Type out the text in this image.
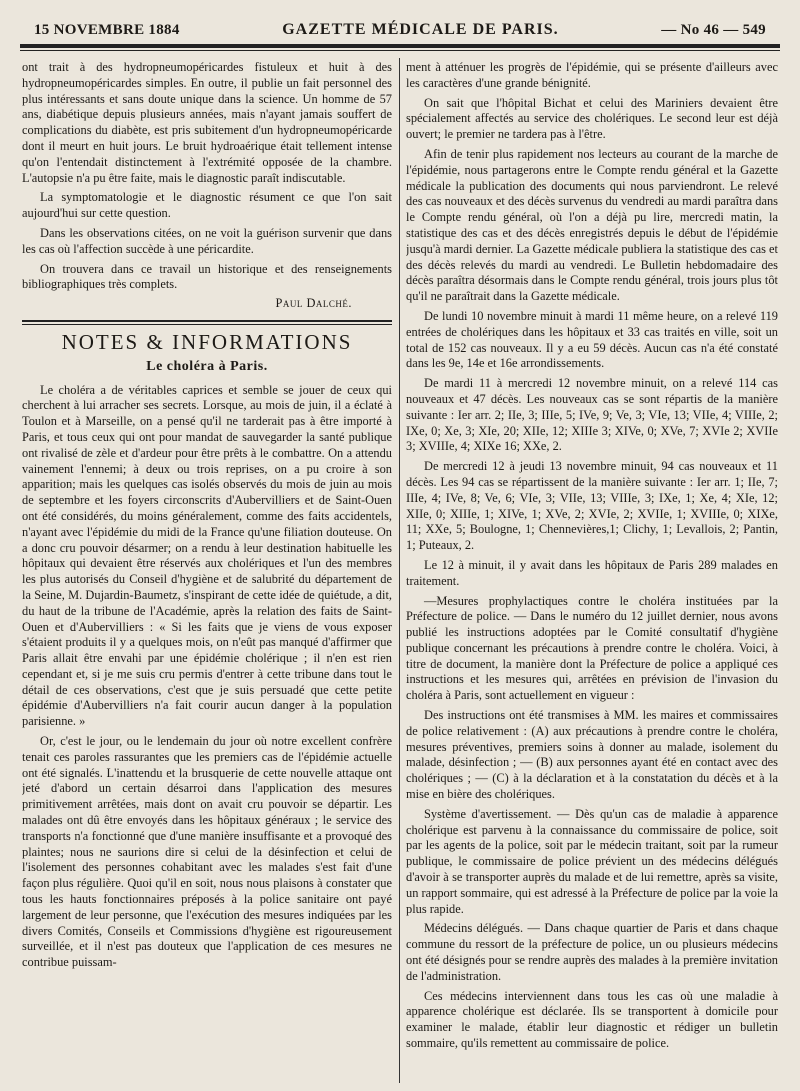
15 NOVEMBRE 1884	GAZETTE MÉDICALE DE PARIS.	— No 46 — 549

ont trait à des hydropneumopéricardes fistuleux et huit à des hydropneumopéricardes simples. En outre, il publie un fait personnel des plus intéressants et sans doute unique dans la science. Un homme de 57 ans, diabétique depuis plusieurs années, mais n'ayant jamais souffert de complications du diabète, est pris subitement d'un hydropneumopéricarde dont il meurt en huit jours. Le bruit hydroaérique était tellement intense qu'on l'entendait distinctement à l'extrémité opposée de la chambre. L'autopsie n'a pu être faite, mais le diagnostic paraît indiscutable.

La symptomatologie et le diagnostic résument ce que l'on sait aujourd'hui sur cette question.

Dans les observations citées, on ne voit la guérison survenir que dans les cas où l'affection succède à une péricardite.

On trouvera dans ce travail un historique et des renseignements bibliographiques très complets.

Paul Dalché.
NOTES & INFORMATIONS
Le choléra à Paris.

Le choléra a de véritables caprices et semble se jouer de ceux qui cherchent à lui arracher ses secrets. Lorsque, au mois de juin, il a éclaté à Toulon et à Marseille, on a pensé qu'il ne tarderait pas à être importé à Paris, et tous ceux qui ont pour mandat de sauvegarder la santé publique ont rivalisé de zèle et d'ardeur pour être prêts à le combattre. On a attendu vainement l'ennemi; à deux ou trois reprises, on a pu croire à son apparition; mais les quelques cas isolés observés du mois de juin au mois de septembre et les foyers circonscrits d'Aubervilliers et de Saint-Ouen ont été considérés, du moins généralement, comme des faits accidentels, n'ayant avec l'épidémie du midi de la France qu'une filiation douteuse. On a donc cru pouvoir désarmer; on a rendu à leur destination habituelle les hôpitaux qui devaient être réservés aux cholériques et l'un des membres les plus autorisés du Conseil d'hygiène et de salubrité du département de la Seine, M. Dujardin-Baumetz, s'inspirant de cette idée de quiétude, a dit, du haut de la tribune de l'Académie, après la relation des faits de Saint-Ouen et d'Aubervilliers : « Si les faits que je viens de vous exposer s'étaient produits il y a quelques mois, on n'eût pas manqué d'affirmer que Paris allait être envahi par une épidémie cholérique ; il n'en est rien cependant et, si je me suis cru permis d'entrer à cette tribune dans tout le détail de ces observations, c'est que je suis persuadé que cette petite épidémie d'Aubervilliers n'a fait courir aucun danger à la population parisienne. »

Or, c'est le jour, ou le lendemain du jour où notre excellent confrère tenait ces paroles rassurantes que les premiers cas de l'épidémie actuelle ont été signalés. L'inattendu et la brusquerie de cette nouvelle attaque ont jeté d'abord un certain désarroi dans l'application des mesures primitivement arrêtées, mais dont on avait cru pouvoir se départir. Les malades ont dû être envoyés dans les hôpitaux généraux ; le service des transports n'a fonctionné que d'une manière insuffisante et a provoqué des plaintes; nous ne saurions dire si celui de la désinfection et celui de l'isolement des personnes cohabitant avec les malades s'est fait d'une façon plus régulière. Quoi qu'il en soit, nous nous plaisons à constater que tous les hauts fonctionnaires préposés à la police sanitaire ont payé largement de leur personne, que l'exécution des mesures indiquées par les divers Comités, Conseils et Commissions d'hygiène est rigoureusement surveillée, et il n'est pas douteux que l'application de ces mesures ne contribue puissam-

ment à atténuer les progrès de l'épidémie, qui se présente d'ailleurs avec les caractères d'une grande bénignité.

On sait que l'hôpital Bichat et celui des Mariniers devaient être spécialement affectés au service des cholériques. Le second leur est déjà ouvert; le premier ne tardera pas à l'être.

Afin de tenir plus rapidement nos lecteurs au courant de la marche de l'épidémie, nous partagerons entre le Compte rendu général et la Gazette médicale la publication des documents qui nous parviendront. Le relevé des cas nouveaux et des décès survenus du vendredi au mardi paraîtra dans le Compte rendu général, où l'on a déjà pu lire, mercredi matin, la statistique des cas et des décès enregistrés depuis le début de l'épidémie jusqu'à mardi dernier. La Gazette médicale publiera la statistique des cas et des décès relevés du mardi au vendredi. Le Bulletin hebdomadaire des décès paraîtra désormais dans le Compte rendu général, trois jours plus tôt qu'il ne paraîtrait dans la Gazette médicale.

De lundi 10 novembre minuit à mardi 11 même heure, on a relevé 119 entrées de cholériques dans les hôpitaux et 33 cas traités en ville, soit un total de 152 cas nouveaux. Il y a eu 59 décès. Aucun cas n'a été constaté dans les 9e, 14e et 16e arrondissements.

De mardi 11 à mercredi 12 novembre minuit, on a relevé 114 cas nouveaux et 47 décès. Les nouveaux cas se sont répartis de la manière suivante : Ier arr. 2; IIe, 3; IIIe, 5; IVe, 9; Ve, 3; VIe, 13; VIIe, 4; VIIIe, 2; IXe, 0; Xe, 3; XIe, 20; XIIe, 12; XIIIe 3; XIVe, 0; XVe, 7; XVIe 2; XVIIe 3; XVIIIe, 4; XIXe 16; XXe, 2.

De mercredi 12 à jeudi 13 novembre minuit, 94 cas nouveaux et 11 décès. Les 94 cas se répartissent de la manière suivante : Ier arr. 1; IIe, 7; IIIe, 4; IVe, 8; Ve, 6; VIe, 3; VIIe, 13; VIIIe, 3; IXe, 1; Xe, 4; XIe, 12; XIIe, 0; XIIIe, 1; XIVe, 1; XVe, 2; XVIe, 2; XVIIe, 1; XVIIIe, 0; XIXe, 11; XXe, 5; Boulogne, 1; Chennevières,1; Clichy, 1; Levallois, 2; Pantin, 1; Puteaux, 2.

Le 12 à minuit, il y avait dans les hôpitaux de Paris 289 malades en traitement.

—Mesures prophylactiques contre le choléra instituées par la Préfecture de police. — Dans le numéro du 12 juillet dernier, nous avons publié les instructions adoptées par le Comité consultatif d'hygiène publique concernant les précautions à prendre contre le choléra. Voici, à titre de document, la manière dont la Préfecture de police a appliqué ces instructions et les mesures qui, arrêtées en prévision de l'invasion du choléra à Paris, sont actuellement en vigueur :

Des instructions ont été transmises à MM. les maires et commissaires de police relativement : (A) aux précautions à prendre contre le choléra, mesures préventives, premiers soins à donner au malade, isolement du malade, désinfection ; — (B) aux personnes ayant été en contact avec des cholériques ; — (C) à la déclaration et à la constatation du décès et à la mise en bière des cholériques.

Système d'avertissement. — Dès qu'un cas de maladie à apparence cholérique est parvenu à la connaissance du commissaire de police, soit par les agents de la police, soit par le médecin traitant, soit par la rumeur publique, le commissaire de police prévient un des médecins délégués d'avoir à se transporter auprès du malade et de lui remettre, après sa visite, un rapport sommaire, qui est adressé à la Préfecture de police par la voie la plus rapide.

Médecins délégués. — Dans chaque quartier de Paris et dans chaque commune du ressort de la préfecture de police, un ou plusieurs médecins ont été désignés pour se rendre auprès des malades à la première invitation de l'administration.

Ces médecins interviennent dans tous les cas où une maladie à apparence cholérique est déclarée. Ils se transportent à domicile pour examiner le malade, établir leur diagnostic et rédiger un bulletin sommaire, qu'ils remettent au commissaire de police.
